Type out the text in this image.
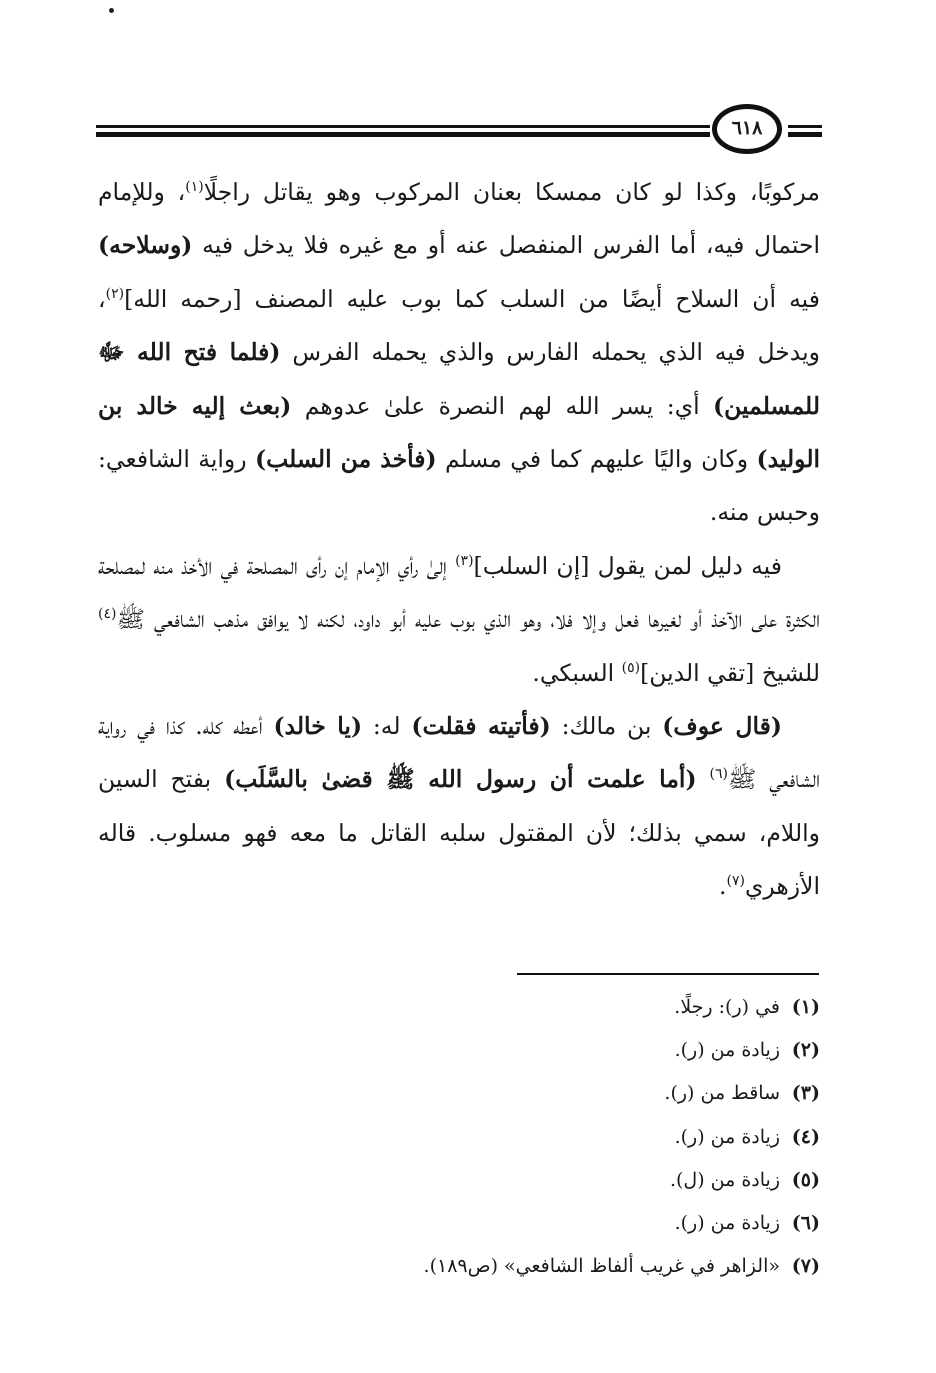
٦١٨

مركوبًا، وكذا لو كان ممسكا بعنان المركوب وهو يقاتل راجلًا$^{(١)}$، وللإمام احتمال فيه، أما الفرس المنفصل عنه أو مع غيره فلا يدخل فيه (وسلاحه) فيه أن السلاح أيضًا من السلب كما بوب عليه المصنف [رحمه الله]$^{(٢)}$، ويدخل فيه الذي يحمله الفارس والذي يحمله الفرس (فلما فتح الله ﷻ للمسلمين) أي: يسر الله لهم النصرة علىٰ عدوهم (بعث إليه خالد بن الوليد) وكان واليًا عليهم كما في مسلم (فأخذ من السلب) رواية الشافعي: وحبس منه.

فيه دليل لمن يقول [إن السلب]$^{(٣)}$ إلىٰ رأي الإمام إن رأى المصلحة في الأخذ منه لمصلحة الكثرة على الآخذ أو لغيرها فعل وإلا فلا، وهو الذي بوب عليه أبو داود، لكنه لا يوافق مذهب الشافعي ﷺ$^{(٤)}$ للشيخ [تقي الدين]$^{(٥)}$ السبكي.

(قال عوف) بن مالك: (فأتيته فقلت) له: (يا خالد) أعطه كله. كذا في رواية الشافعي ﷺ$^{(٦)}$ (أما علمت أن رسول الله ﷺ قضىٰ بالسَّلَب) بفتح السين واللام، سمي بذلك؛ لأن المقتول سلبه القاتل ما معه فهو مسلوب. قاله الأزهري$^{(٧)}$.

(١)في (ر): رجلًا.
(٢)زيادة من (ر).
(٣)ساقط من (ر).
(٤)زيادة من (ر).
(٥)زيادة من (ل).
(٦)زيادة من (ر).
(٧)«الزاهر في غريب ألفاظ الشافعي» (ص١٨٩).
